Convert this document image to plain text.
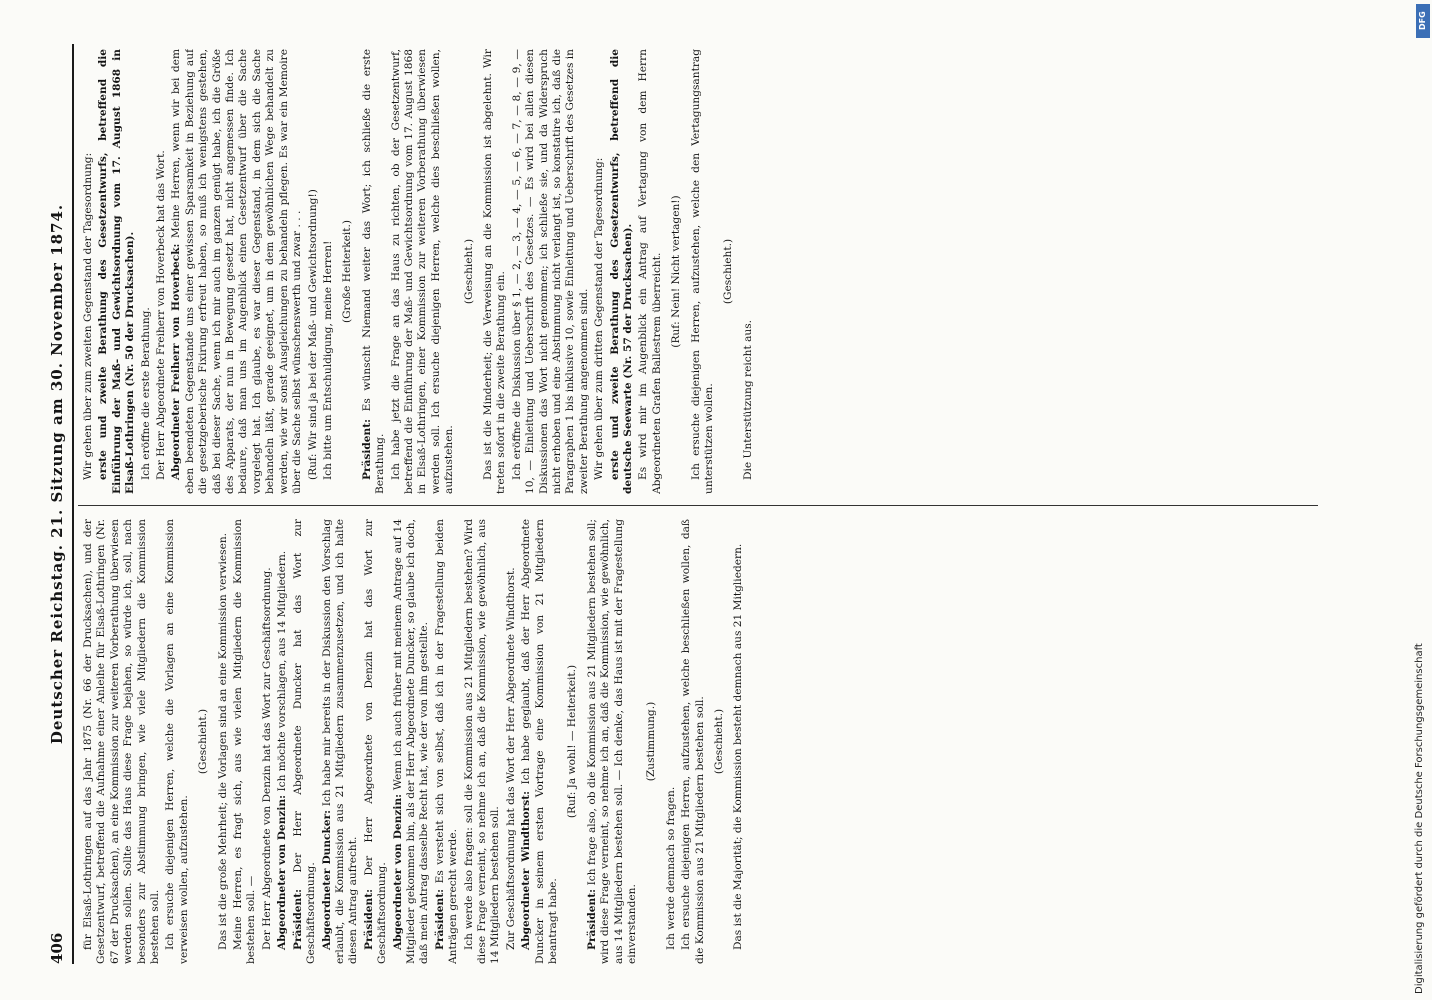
406
Deutscher Reichstag. 21. Sitzung am 30. November 1874. für Elsaß-Lothringen auf das Jahr 1875 (Nr. 66 der Drucksachen), und der Gesetzentwurf, betreffend die Aufnahme einer Anleihe für Elsaß-Lothringen (Nr. 67 der Drucksachen), an eine Kommission zur weiteren Vorberathung überwiesen werden sollen. Sollte das Haus diese Frage bejahen, so würde ich, soll, nach besonders zur Abstimmung bringen, wie viele Mitgliedern die Kommission bestehen soll. Ich ersuche diejenigen Herren, welche die Vorlagen an eine Kommission verweisen wollen, aufzustehen.

(Geschieht.) Das ist die große Mehrheit; die Vorlagen sind an eine Kommission verwiesen. Meine Herren, es fragt sich, aus wie vielen Mitgliedern die Kommission bestehen soll. — Der Herr Abgeordnete von Denzin hat das Wort zur Geschäftsordnung. Abgeordneter von Denzin: Ich möchte vorschlagen, aus 14 Mitgliedern.

Präsident: Der Herr Abgeordnete Duncker hat das Wort zur Geschäftsordnung. Abgeordneter Duncker: Ich habe mir bereits in der Diskussion den Vorschlag erlaubt, die Kommission aus 21 Mitgliedern zusammenzusetzen, und ich halte diesen Antrag aufrecht. Präsident: Der Herr Abgeordnete von Denzin hat das Wort zur Geschäftsordnung. Abgeordneter von Denzin: Wenn ich auch früher mit meinem Antrage auf 14 Mitglieder gekommen bin, als der Herr Abgeordnete Duncker, so glaube ich doch, daß mein Antrag dasselbe Recht hat, wie der von ihm gestellte. Präsident: Es versteht sich von selbst, daß ich in der Fragestellung beiden Anträgen gerecht werde. Ich werde also fragen: soll die Kommission aus 21 Mitgliedern bestehen? Wird diese Frage verneint, so nehme ich an, daß die Kommission, wie gewöhnlich, aus 14 Mitgliedern bestehen soll. Zur Geschäftsordnung hat das Wort der Herr Abgeordnete Windthorst. Abgeordneter Windthorst: Ich habe geglaubt, daß der Herr Abgeordnete Duncker in seinem ersten Vortrage eine Kommission von 21 Mitgliedern beantragt habe.

(Ruf: Ja wohl! — Heiterkeit.)

Präsident: Ich frage also, ob die Kommission aus 21 Mitgliedern bestehen soll; wird diese Frage verneint, so nehme ich an, daß die Kommission, wie gewöhnlich, aus 14 Mitgliedern bestehen soll. — Ich denke, das Haus ist mit der Fragestellung einverstanden.

(Zustimmung.)

Ich werde demnach so fragen. Ich ersuche diejenigen Herren, aufzustehen, welche beschließen wollen, daß die Kommission aus 21 Mitgliedern bestehen soll. (Geschieht.) Das ist die Majorität; die Kommission besteht demnach aus 21 Mitgliedern.

Wir gehen über zum zweiten Gegenstand der Tagesordnung: erste und zweite Berathung des Gesetzentwurfs, betreffend die Einführung der Maß- und Gewichtsordnung vom 17. August 1868 in Elsaß-Lothringen (Nr. 50 der Drucksachen). Ich eröffne die erste Berathung. Der Herr Abgeordnete Freiherr von Hoverbeck hat das Wort. Abgeordneter Freiherr von Hoverbeck: Meine Herren, wenn wir bei dem eben beendeten Gegenstande uns einer gewissen Sparsamkeit in Beziehung auf die gesetzgeberische Fixirung erfreut haben, so muß ich wenigstens gestehen, daß bei dieser Sache, wenn ich mir auch im ganzen genügt habe, ich die Größe des Apparats, der nun in Bewegung gesetzt hat, nicht angemessen finde. Ich bedaure, daß man uns im Augenblick einen Gesetzentwurf über die Sache vorgelegt hat. Ich glaube, es war dieser Gegenstand, in dem sich die Sache behandeln läßt, gerade geeignet, um in dem gewöhnlichen Wege behandelt zu werden, wie wir sonst Ausgleichungen zu behandeln pflegen. Es war ein Memoire über die Sache selbst wünschenswerth und zwar . . . (Ruf: Wir sind ja bei der Maß- und Gewichtsordnung!) Ich bitte um Entschuldigung, meine Herren! (Große Heiterkeit.)

Präsident: Es wünscht Niemand weiter das Wort; ich schließe die erste Berathung. Ich habe jetzt die Frage an das Haus zu richten, ob der Gesetzentwurf, betreffend die Einführung der Maß- und Gewichtsordnung vom 17. August 1868 in Elsaß-Lothringen, einer Kommission zur weiteren Vorberathung überwiesen werden soll. Ich ersuche diejenigen Herren, welche dies beschließen wollen, aufzustehen.

(Geschieht.) Das ist die Minderheit; die Verweisung an die Kommission ist abgelehnt. Wir treten sofort in die zweite Berathung ein. Ich eröffne die Diskussion über § 1, — 2, — 3, — 4, — 5, — 6, — 7, — 8, — 9, — 10, — Einleitung und Ueberschrift des Gesetzes. — Es wird bei allen diesen Diskussionen das Wort nicht genommen; ich schließe sie, und da Widerspruch nicht erhoben und eine Abstimmung nicht verlangt ist, so konstatire ich, daß die Paragraphen 1 bis inklusive 10, sowie Einleitung und Ueberschrift des Gesetzes in zweiter Berathung angenommen sind. Wir gehen über zum dritten Gegenstand der Tagesordnung: erste und zweite Berathung des Gesetzentwurfs, betreffend die deutsche Seewarte (Nr. 57 der Drucksachen). Es wird mir im Augenblick ein Antrag auf Vertagung von dem Herrn Abgeordneten Grafen Ballestrem überreicht. (Ruf: Nein! Nicht vertagen!) Ich ersuche diejenigen Herren, aufzustehen, welche den Vertagungsantrag unterstützen wollen.

(Geschieht.)

Die Unterstützung reicht aus.

Digitalisierung gefördert durch die Deutsche Forschungsgemeinschaft
DFG
